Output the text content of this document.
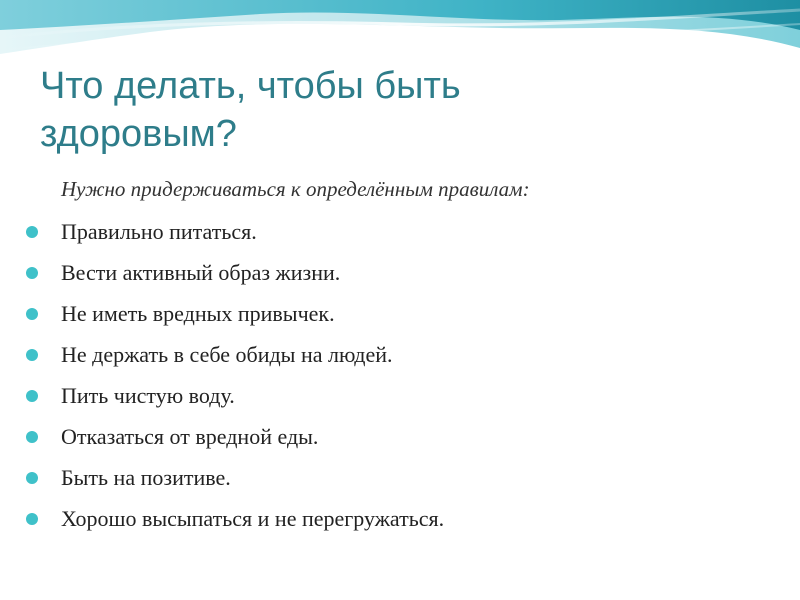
Что делать, чтобы быть
здоровым?

Нужно придерживаться к определённым правилам:

Правильно питаться.
Вести активный образ жизни.
Не иметь вредных привычек.
Не держать в себе обиды на людей.
Пить чистую воду.
Отказаться от вредной еды.
Быть на позитиве.
Хорошо высыпаться и не перегружаться.
